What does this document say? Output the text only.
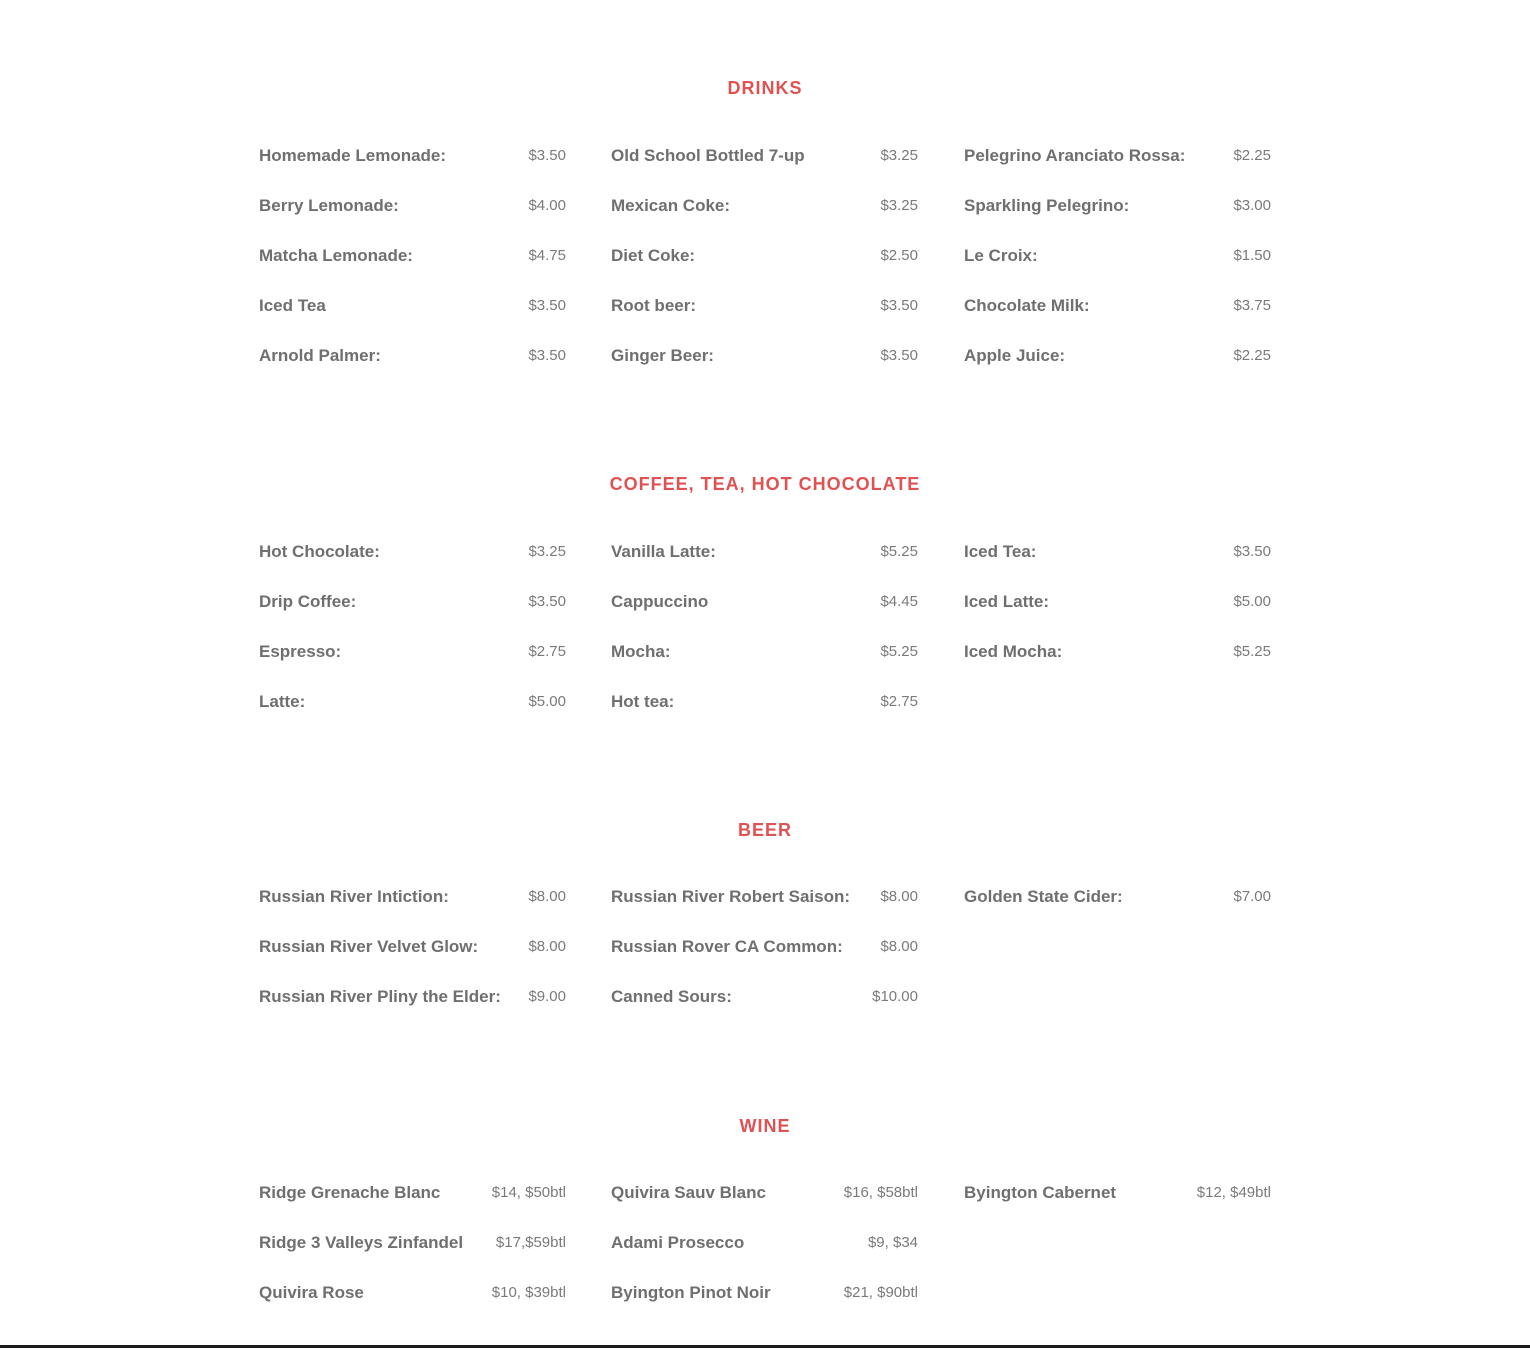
DRINKS
Homemade Lemonade:	$3.50
Berry Lemonade:	$4.00
Matcha Lemonade:	$4.75
Iced Tea	$3.50
Arnold Palmer:	$3.50
Old School Bottled 7-up	$3.25
Mexican Coke:	$3.25
Diet Coke:	$2.50
Root beer:	$3.50
Ginger Beer:	$3.50
Pelegrino Aranciato Rossa:	$2.25
Sparkling Pelegrino:	$3.00
Le Croix:	$1.50
Chocolate Milk:	$3.75
Apple Juice:	$2.25
COFFEE, TEA, HOT CHOCOLATE
Hot Chocolate:	$3.25
Drip Coffee:	$3.50
Espresso:	$2.75
Latte:	$5.00
Vanilla Latte:	$5.25
Cappuccino	$4.45
Mocha:	$5.25
Hot tea:	$2.75
Iced Tea:	$3.50
Iced Latte:	$5.00
Iced Mocha:	$5.25
BEER
Russian River Intiction:	$8.00
Russian River Velvet Glow:	$8.00
Russian River Pliny the Elder: $9.00
Russian River Robert Saison: $8.00
Russian Rover CA Common:	$8.00
Canned Sours:	$10.00
Golden State Cider:	$7.00
WINE
Ridge Grenache Blanc	$14, $50btl
Ridge 3 Valleys Zinfandel $17,$59btl
Quivira Rose	$10, $39btl
Quivira Sauv Blanc	$16, $58btl
Adami Prosecco	$9, $34
Byington Pinot Noir	$21, $90btl
Byington Cabernet	$12, $49btl
